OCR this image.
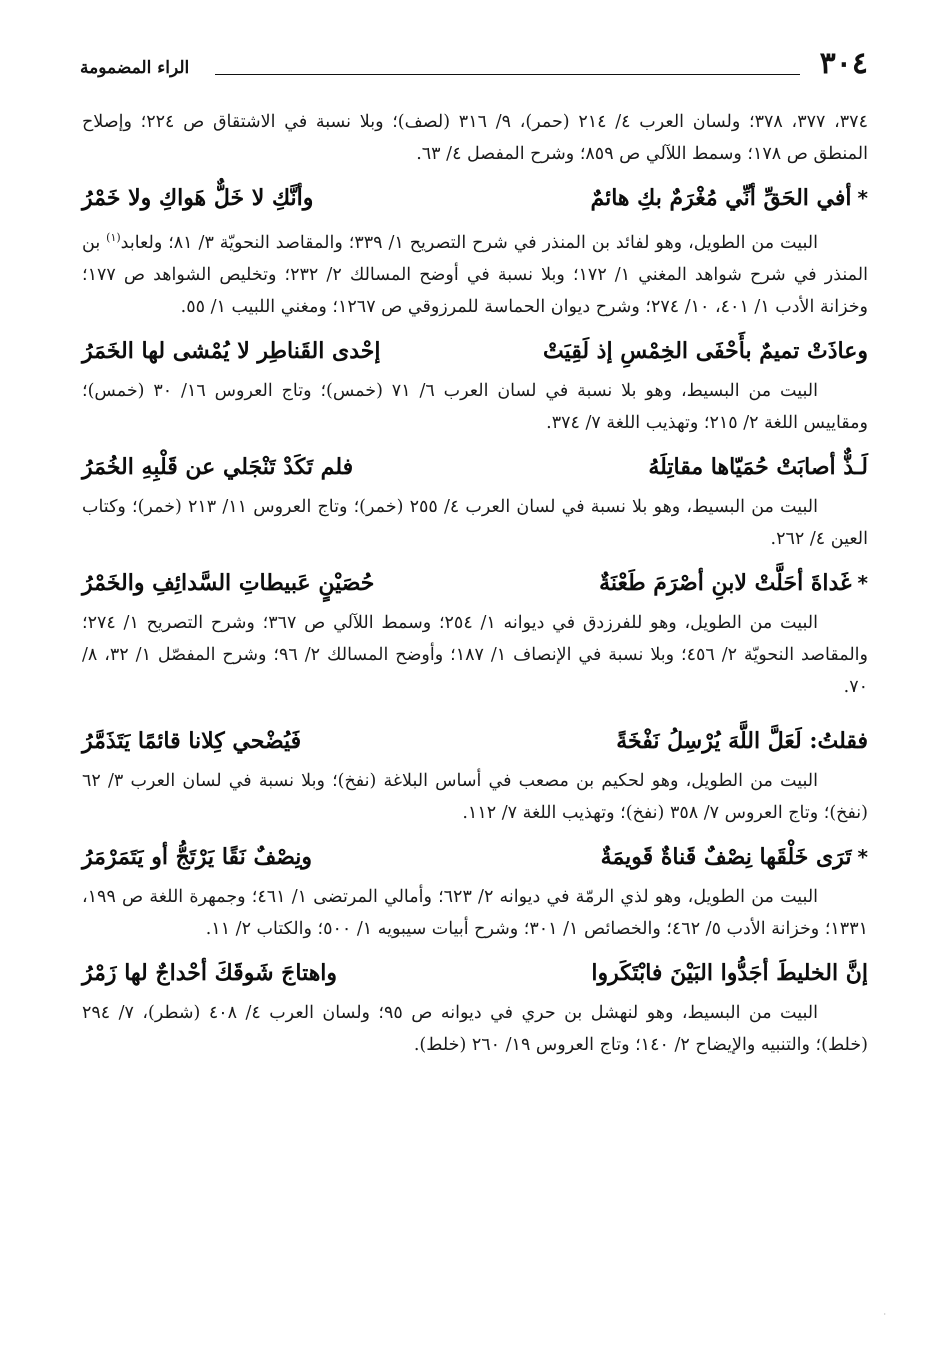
٣٠٤
الراء المضمومة

٣٧٤، ٣٧٧، ٣٧٨؛ ولسان العرب ٤/ ٢١٤ (حمر)، ٩/ ٣١٦ (لصف)؛ وبلا نسبة في الاشتقاق ص ٢٢٤؛ وإصلاح المنطق ص ١٧٨؛ وسمط اللآلي ص ٨٥٩؛ وشرح المفصل ٤/ ٦٣.

*
أفي الحَقِّ أنِّي مُغْرَمٌ بكِ هائمٌ
وأنَّكِ لا خَلٌّ هَواكِ ولا خَمْرُ

البيت من الطويل، وهو لفائد بن المنذر في شرح التصريح ١/ ٣٣٩؛ والمقاصد النحويّة ٣/ ٨١؛ ولعابد$^{(١)}$ بن المنذر في شرح شواهد المغني ١/ ١٧٢؛ وبلا نسبة في أوضح المسالك ٢/ ٢٣٢؛ وتخليص الشواهد ص ١٧٧؛ وخزانة الأدب ١/ ٤٠١، ١٠/ ٢٧٤؛ وشرح ديوان الحماسة للمرزوقي ص ١٢٦٧؛ ومغني اللبيب ١/ ٥٥.

وعاذَتْ تميمٌ بأَحْفَى الخِمْسِ إذ لَقِيَتْ
إحْدى القَناطِر لا يُمْشى لها الخَمَرُ

البيت من البسيط، وهو بلا نسبة في لسان العرب ٦/ ٧١ (خمس)؛ وتاج العروس ١٦/ ٣٠ (خمس)؛ ومقاييس اللغة ٢/ ٢١٥؛ وتهذيب اللغة ٧/ ٣٧٤.

لَـذٌّ أصابَتْ حُمَيّاها مقاتِلَهُ
فلم تَكَدْ تَنْجَلي عن قَلْبِهِ الخُمَرُ

البيت من البسيط، وهو بلا نسبة في لسان العرب ٤/ ٢٥٥ (خمر)؛ وتاج العروس ١١/ ٢١٣ (خمر)؛ وكتاب العين ٤/ ٢٦٢.

*
غَداةَ أحَلَّتْ لابنِ أصْرَمَ طَعْنَةٌ
حُصَيْنٍ عَبيطاتِ السَّدائِفِ والخَمْرُ

البيت من الطويل، وهو للفرزدق في ديوانه ١/ ٢٥٤؛ وسمط اللآلي ص ٣٦٧؛ وشرح التصريح ١/ ٢٧٤؛ والمقاصد النحويّة ٢/ ٤٥٦؛ وبلا نسبة في الإنصاف ١/ ١٨٧؛ وأوضح المسالك ٢/ ٩٦؛ وشرح المفصّل ١/ ٣٢، ٨/ ٧٠.

فقلتُ: لَعَلَّ اللَّهَ يُرْسِلُ نَفْخَةً
فَيُضْحي كِلانا قائمًا يَتَذَمَّرُ

البيت من الطويل، وهو لحكيم بن مصعب في أساس البلاغة (نفخ)؛ وبلا نسبة في لسان العرب ٣/ ٦٢ (نفخ)؛ وتاج العروس ٧/ ٣٥٨ (نفخ)؛ وتهذيب اللغة ٧/ ١١٢.

*
تَرَى خَلْقَها نِصْفٌ قَناةٌ قَويمَةٌ
ونِصْفٌ نَقًا يَرْتَجُّ أو يَتَمَرْمَرُ

البيت من الطويل، وهو لذي الرمّة في ديوانه ٢/ ٦٢٣؛ وأمالي المرتضى ١/ ٤٦١؛ وجمهرة اللغة ص ١٩٩، ١٣٣١؛ وخزانة الأدب ٥/ ٤٦٢؛ والخصائص ١/ ٣٠١؛ وشرح أبيات سيبويه ١/ ٥٠٠؛ والكتاب ٢/ ١١.

إنَّ الخليطَ أجَدُّوا البَيْنَ فابْتَكَروا
واهتاجَ شَوقَكَ أحْداجٌ لها زَمْرُ

البيت من البسيط، وهو لنهشل بن حري في ديوانه ص ٩٥؛ ولسان العرب ٤/ ٤٠٨ (شطر)، ٧/ ٢٩٤ (خلط)؛ والتنبيه والإيضاح ٢/ ١٤٠؛ وتاج العروس ١٩/ ٢٦٠ (خلط).

·
